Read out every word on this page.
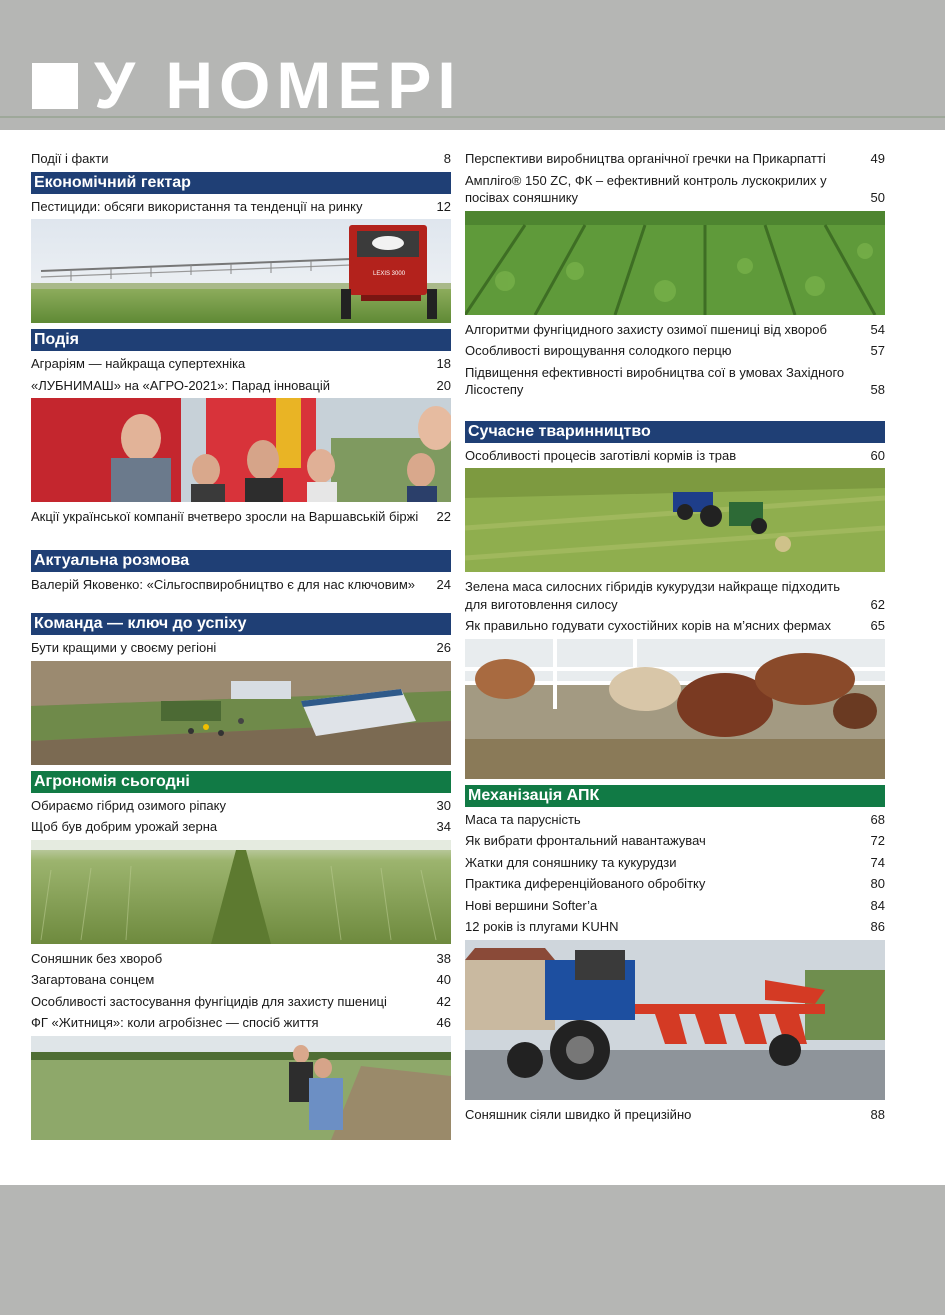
У НОМЕРІ
Події і факти	8
Економічний гектар
Пестициди: обсяги використання та тенденції на ринку	12
LEXIS 3000
Подія
Аграріям — найкраща супертехніка	18
«ЛУБНИМАШ» на «АГРО-2021»: Парад інновацій	20
Акції української компанії вчетверо зросли на Варшавській біржі 22
Актуальна розмова
Валерій Яковенко: «Сільгоспвиробництво є для нас ключовим» 24
Команда — ключ до успіху
Бути кращими у своєму регіоні	26
Агрономія сьогодні
Обираємо гібрид озимого ріпаку	30
Щоб був добрим урожай зерна	34
Соняшник без хвороб	38
Загартована сонцем	40
Особливості застосування фунгіцидів для захисту пшениці	42
ФГ «Житниця»: коли агробізнес — спосіб життя	46
Перспективи виробництва органічної гречки на Прикарпатті	49
Ампліго® 150 ZC, ФК – ефективний контроль лускокрилих у посівах соняшнику	50
Алгоритми фунгіцидного захисту озимої пшениці від хвороб	54
Особливості вирощування солодкого перцю	57
Підвищення ефективності виробництва сої в умовах Західного Лісостепу	58
Сучасне тваринництво
Особливості процесів заготівлі кормів із трав	60
Зелена маса силосних гібридів кукурудзи найкраще підходить для виготовлення силосу	62
Як правильно годувати сухостійних корів на м’ясних фермах	65
Механізація АПК
Маса та парусність	68
Як вибрати фронтальний навантажувач	72
Жатки для соняшнику та кукурудзи	74
Практика диференційованого обробітку	80
Нові вершини Softer’a	84
12 років із плугами KUHN	86
Соняшник сіяли швидко й прецизійно	88
